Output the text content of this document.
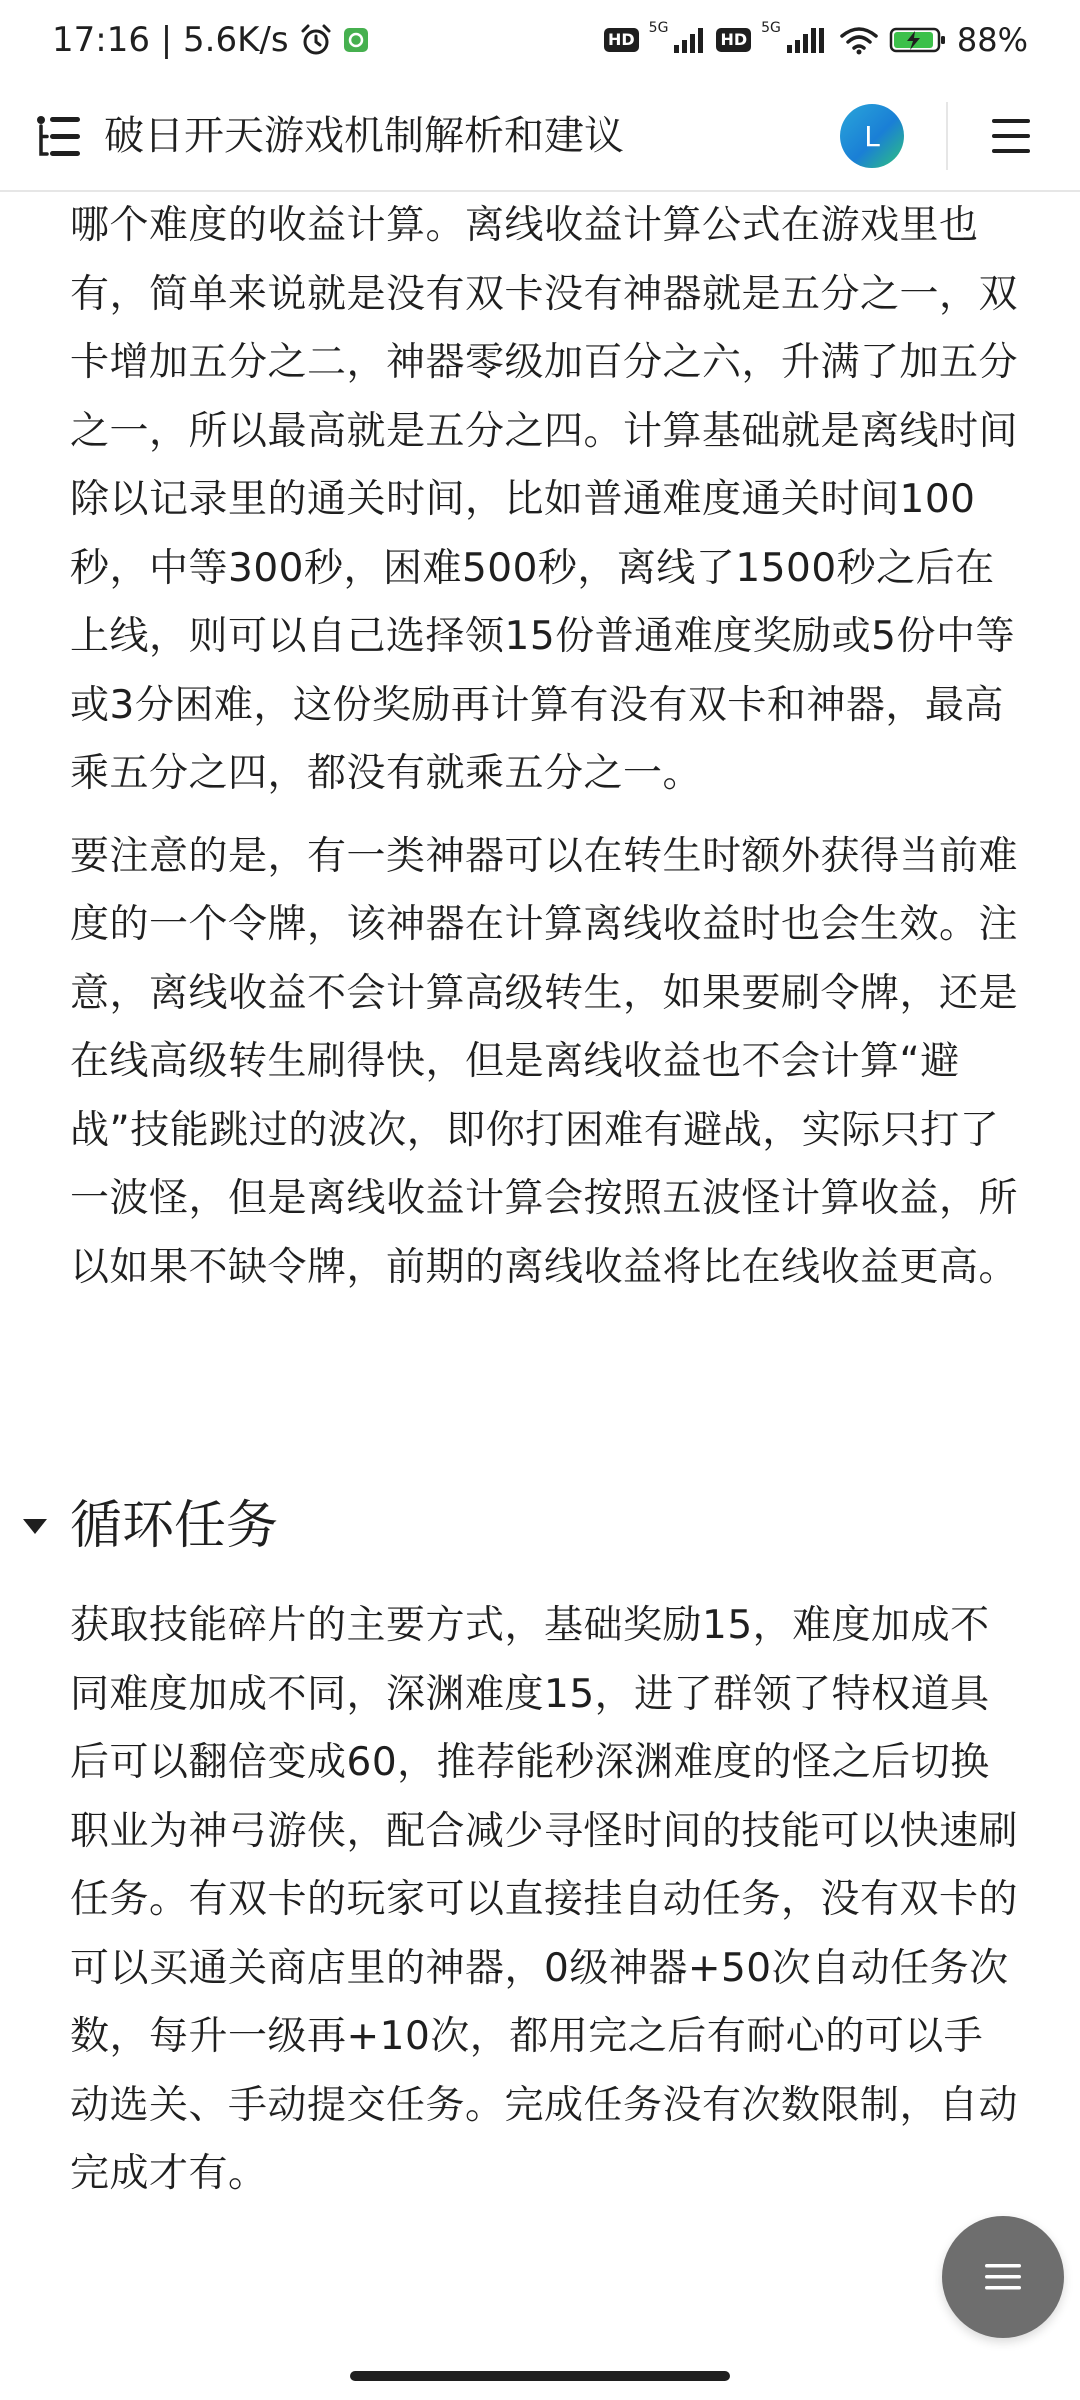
17:16 | 5.6K/s	HD
5G
HD
5G	88%
破日开天游戏机制解析和建议	L

哪个难度的收益计算。离线收益计算公式在游戏里也有，简单来说就是没有双卡没有神器就是五分之一，双卡增加五分之二，神器零级加百分之六，升满了加五分之一，所以最高就是五分之四。计算基础就是离线时间除以记录里的通关时间，比如普通难度通关时间100秒，中等300秒，困难500秒，离线了1500秒之后在上线，则可以自己选择领15份普通难度奖励或5份中等或3分困难，这份奖励再计算有没有双卡和神器，最高乘五分之四，都没有就乘五分之一。

要注意的是，有一类神器可以在转生时额外获得当前难度的一个令牌，该神器在计算离线收益时也会生效。注意，离线收益不会计算高级转生，如果要刷令牌，还是在线高级转生刷得快，但是离线收益也不会计算“避战”技能跳过的波次，即你打困难有避战，实际只打了一波怪，但是离线收益计算会按照五波怪计算收益，所以如果不缺令牌，前期的离线收益将比在线收益更高。

循环任务

获取技能碎片的主要方式，基础奖励15，难度加成不同难度加成不同，深渊难度15，进了群领了特权道具后可以翻倍变成60，推荐能秒深渊难度的怪之后切换职业为神弓游侠，配合减少寻怪时间的技能可以快速刷任务。有双卡的玩家可以直接挂自动任务，没有双卡的可以买通关商店里的神器，0级神器+50次自动任务次数，每升一级再+10次，都用完之后有耐心的可以手动选关、手动提交任务。完成任务没有次数限制，自动完成才有。
